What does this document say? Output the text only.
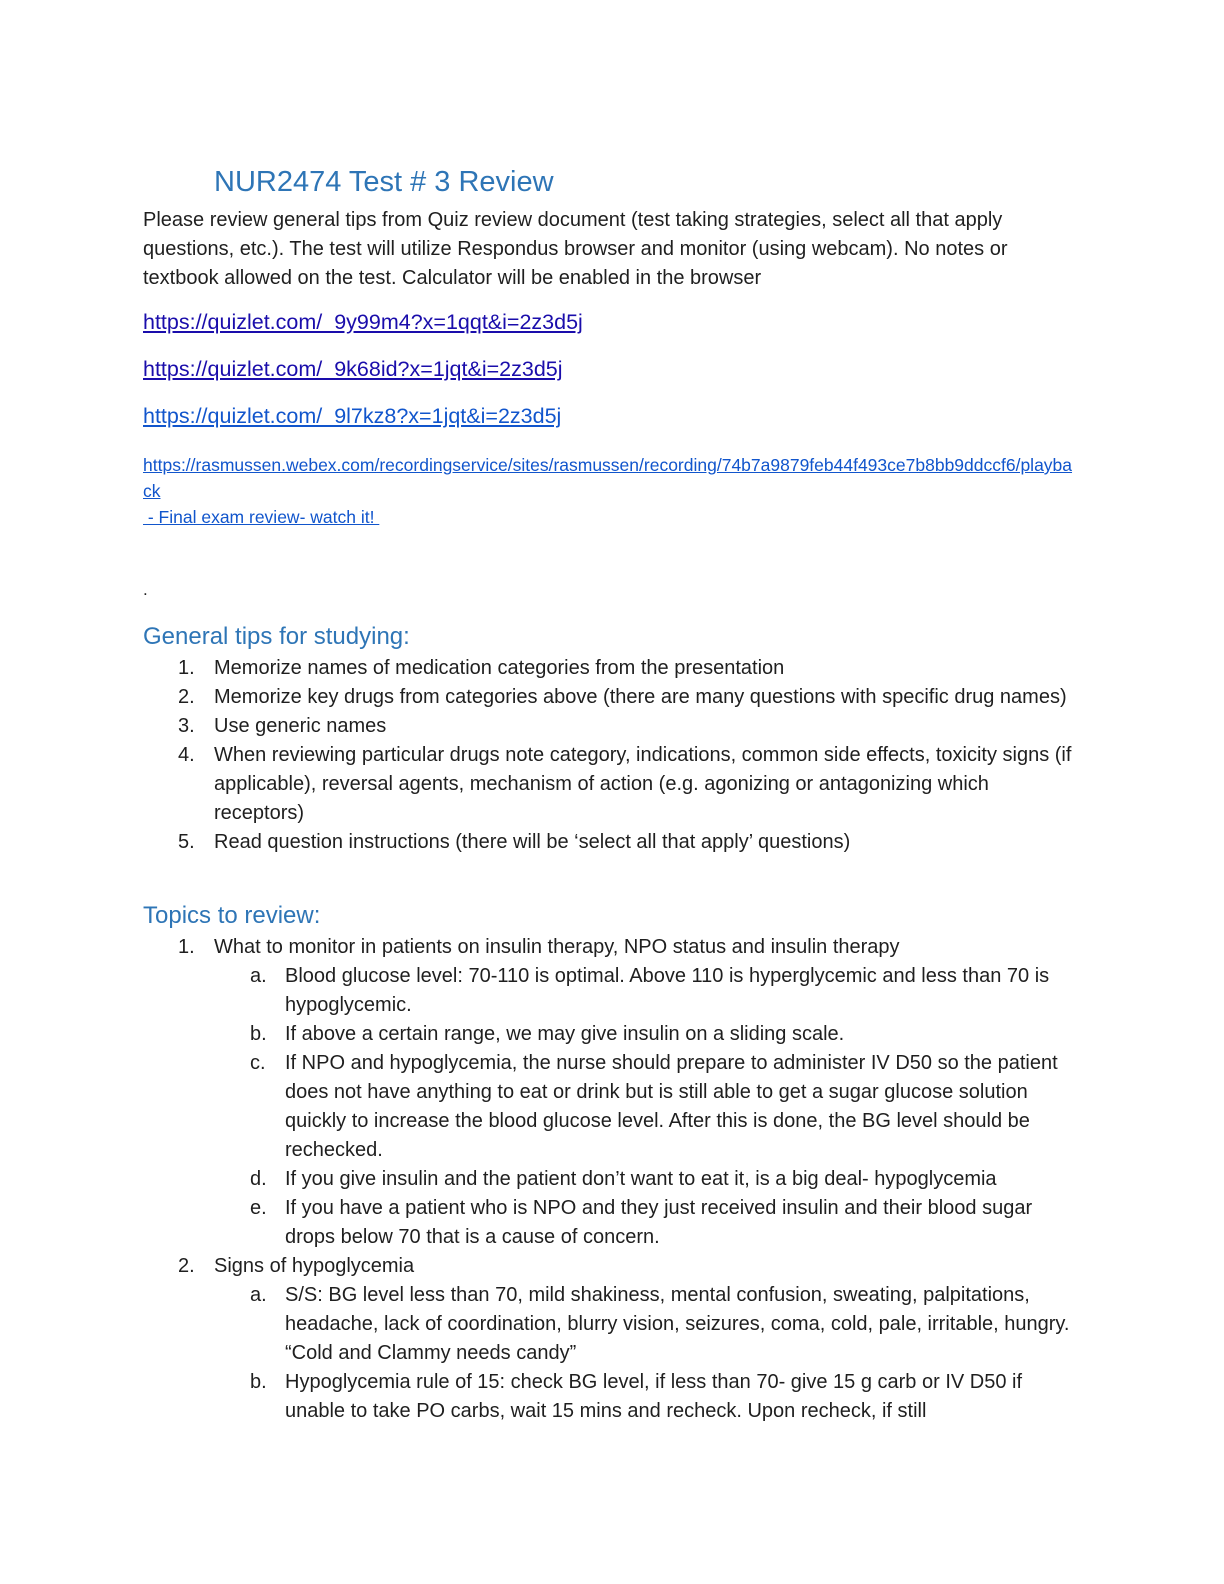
NUR2474 Test # 3 Review
Please review general tips from Quiz review document (test taking strategies, select all that apply questions, etc.). The test will utilize Respondus browser and monitor (using webcam). No notes or textbook allowed on the test. Calculator will be enabled in the browser
https://quizlet.com/_9y99m4?x=1qqt&i=2z3d5j
https://quizlet.com/_9k68id?x=1jqt&i=2z3d5j
https://quizlet.com/_9l7kz8?x=1jqt&i=2z3d5j
https://rasmussen.webex.com/recordingservice/sites/rasmussen/recording/74b7a9879feb44f493ce7b8bb9ddccf6/playback
- Final exam review- watch it!
.
General tips for studying:
1. Memorize names of medication categories from the presentation
2. Memorize key drugs from categories above (there are many questions with specific drug names)
3. Use generic names
4. When reviewing particular drugs note category, indications, common side effects, toxicity signs (if applicable), reversal agents, mechanism of action (e.g. agonizing or antagonizing which receptors)
5. Read question instructions (there will be ‘select all that apply’ questions)
Topics to review:
1. What to monitor in patients on insulin therapy, NPO status and insulin therapy
a. Blood glucose level: 70-110 is optimal. Above 110 is hyperglycemic and less than 70 is hypoglycemic.
b. If above a certain range, we may give insulin on a sliding scale.
c. If NPO and hypoglycemia, the nurse should prepare to administer IV D50 so the patient does not have anything to eat or drink but is still able to get a sugar glucose solution quickly to increase the blood glucose level. After this is done, the BG level should be rechecked.
d. If you give insulin and the patient don’t want to eat it, is a big deal- hypoglycemia
e. If you have a patient who is NPO and they just received insulin and their blood sugar drops below 70 that is a cause of concern.
2. Signs of hypoglycemia
a. S/S: BG level less than 70, mild shakiness, mental confusion, sweating, palpitations, headache, lack of coordination, blurry vision, seizures, coma, cold, pale, irritable, hungry. “Cold and Clammy needs candy”
b. Hypoglycemia rule of 15: check BG level, if less than 70- give 15 g carb or IV D50 if unable to take PO carbs, wait 15 mins and recheck. Upon recheck, if still
